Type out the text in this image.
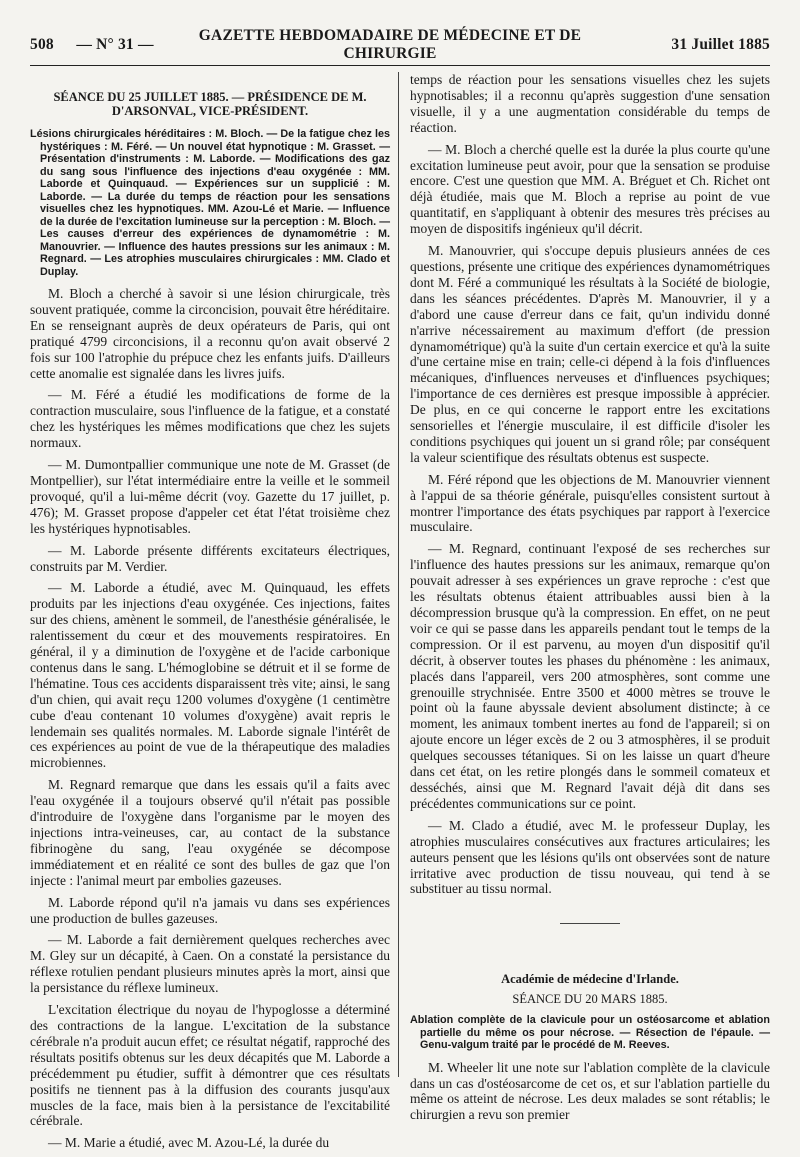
508	— N° 31 —
GAZETTE HEBDOMADAIRE DE MÉDECINE ET DE CHIRURGIE
31 Juillet 1885

SÉANCE DU 25 JUILLET 1885. — PRÉSIDENCE DE M. D'ARSONVAL, VICE-PRÉSIDENT.

Lésions chirurgicales héréditaires : M. Bloch. — De la fatigue chez les hystériques : M. Féré. — Un nouvel état hypnotique : M. Grasset. — Présentation d'instruments : M. Laborde. — Modifications des gaz du sang sous l'influence des injections d'eau oxygénée : MM. Laborde et Quinquaud. — Expériences sur un supplicié : M. Laborde. — La durée du temps de réaction pour les sensations visuelles chez les hypnotiques. MM. Azou-Lé et Marie. — Influence de la durée de l'excitation lumineuse sur la perception : M. Bloch. — Les causes d'erreur des expériences de dynamométrie : M. Manouvrier. — Influence des hautes pressions sur les animaux : M. Regnard. — Les atrophies musculaires chirurgicales : MM. Clado et Duplay.

M. Bloch a cherché à savoir si une lésion chirurgicale, très souvent pratiquée, comme la circoncision, pouvait être héréditaire. En se renseignant auprès de deux opérateurs de Paris, qui ont pratiqué 4799 circoncisions, il a reconnu qu'on avait observé 2 fois sur 100 l'atrophie du prépuce chez les enfants juifs. D'ailleurs cette anomalie est signalée dans les livres juifs.

— M. Féré a étudié les modifications de forme de la contraction musculaire, sous l'influence de la fatigue, et a constaté chez les hystériques les mêmes modifications que chez les sujets normaux.

— M. Dumontpallier communique une note de M. Grasset (de Montpellier), sur l'état intermédiaire entre la veille et le sommeil provoqué, qu'il a lui-même décrit (voy. Gazette du 17 juillet, p. 476); M. Grasset propose d'appeler cet état l'état troisième chez les hystériques hypnotisables.

— M. Laborde présente différents excitateurs électriques, construits par M. Verdier.

— M. Laborde a étudié, avec M. Quinquaud, les effets produits par les injections d'eau oxygénée. Ces injections, faites sur des chiens, amènent le sommeil, de l'anesthésie généralisée, le ralentissement du cœur et des mouvements respiratoires. En général, il y a diminution de l'oxygène et de l'acide carbonique contenus dans le sang. L'hémoglobine se détruit et il se forme de l'hématine. Tous ces accidents disparaissent très vite; ainsi, le sang d'un chien, qui avait reçu 1200 volumes d'oxygène (1 centimètre cube d'eau contenant 10 volumes d'oxygène) avait repris le lendemain ses qualités normales. M. Laborde signale l'intérêt de ces expériences au point de vue de la thérapeutique des maladies microbiennes.

M. Regnard remarque que dans les essais qu'il a faits avec l'eau oxygénée il a toujours observé qu'il n'était pas possible d'introduire de l'oxygène dans l'organisme par le moyen des injections intra-veineuses, car, au contact de la substance fibrinogène du sang, l'eau oxygénée se décompose immédiatement et en réalité ce sont des bulles de gaz que l'on injecte : l'animal meurt par embolies gazeuses.

M. Laborde répond qu'il n'a jamais vu dans ses expériences une production de bulles gazeuses.

— M. Laborde a fait dernièrement quelques recherches avec M. Gley sur un décapité, à Caen. On a constaté la persistance du réflexe rotulien pendant plusieurs minutes après la mort, ainsi que la persistance du réflexe lumineux.

L'excitation électrique du noyau de l'hypoglosse a déterminé des contractions de la langue. L'excitation de la substance cérébrale n'a produit aucun effet; ce résultat négatif, rapproché des résultats positifs obtenus sur les deux décapités que M. Laborde a précédemment pu étudier, suffit à démontrer que ces résultats positifs ne tiennent pas à la diffusion des courants jusqu'aux muscles de la face, mais bien à la persistance de l'excitabilité cérébrale.

— M. Marie a étudié, avec M. Azou-Lé, la durée du

temps de réaction pour les sensations visuelles chez les sujets hypnotisables; il a reconnu qu'après suggestion d'une sensation visuelle, il y a une augmentation considérable du temps de réaction.

— M. Bloch a cherché quelle est la durée la plus courte qu'une excitation lumineuse peut avoir, pour que la sensation se produise encore. C'est une question que MM. A. Bréguet et Ch. Richet ont déjà étudiée, mais que M. Bloch a reprise au point de vue quantitatif, en s'appliquant à obtenir des mesures très précises au moyen de dispositifs ingénieux qu'il décrit.

M. Manouvrier, qui s'occupe depuis plusieurs années de ces questions, présente une critique des expériences dynamométriques dont M. Féré a communiqué les résultats à la Société de biologie, dans les séances précédentes. D'après M. Manouvrier, il y a d'abord une cause d'erreur dans ce fait, qu'un individu donné n'arrive nécessairement au maximum d'effort (de pression dynamométrique) qu'à la suite d'un certain exercice et qu'à la suite d'une certaine mise en train; celle-ci dépend à la fois d'influences mécaniques, d'influences nerveuses et d'influences psychiques; l'importance de ces dernières est presque impossible à apprécier. De plus, en ce qui concerne le rapport entre les excitations sensorielles et l'énergie musculaire, il est difficile d'isoler les conditions psychiques qui jouent un si grand rôle; par conséquent la valeur scientifique des résultats obtenus est suspecte.

M. Féré répond que les objections de M. Manouvrier viennent à l'appui de sa théorie générale, puisqu'elles consistent surtout à montrer l'importance des états psychiques par rapport à l'exercice musculaire.

— M. Regnard, continuant l'exposé de ses recherches sur l'influence des hautes pressions sur les animaux, remarque qu'on pouvait adresser à ses expériences un grave reproche : c'est que les résultats obtenus étaient attribuables aussi bien à la décompression brusque qu'à la compression. En effet, on ne peut voir ce qui se passe dans les appareils pendant tout le temps de la compression. Or il est parvenu, au moyen d'un dispositif qu'il décrit, à observer toutes les phases du phénomène : les animaux, placés dans l'appareil, vers 200 atmosphères, sont comme une grenouille strychnisée. Entre 3500 et 4000 mètres se trouve le point où la faune abyssale devient absolument distincte; à ce moment, les animaux tombent inertes au fond de l'appareil; si on ajoute encore un léger excès de 2 ou 3 atmosphères, il se produit quelques secousses tétaniques. Si on les laisse un quart d'heure dans cet état, on les retire plongés dans le sommeil comateux et desséchés, ainsi que M. Regnard l'avait déjà dit dans ses précédentes communications sur ce point.

— M. Clado a étudié, avec M. le professeur Duplay, les atrophies musculaires consécutives aux fractures articulaires; les auteurs pensent que les lésions qu'ils ont observées sont de nature irritative avec production de tissu nouveau, qui tend à se substituer au tissu normal.

Académie de médecine d'Irlande.

SÉANCE DU 20 MARS 1885.

Ablation complète de la clavicule pour un ostéosarcome et ablation partielle du même os pour nécrose. — Résection de l'épaule. — Genu-valgum traité par le procédé de M. Reeves.

M. Wheeler lit une note sur l'ablation complète de la clavicule dans un cas d'ostéosarcome de cet os, et sur l'ablation partielle du même os atteint de nécrose. Les deux malades se sont rétablis; le chirurgien a revu son premier
